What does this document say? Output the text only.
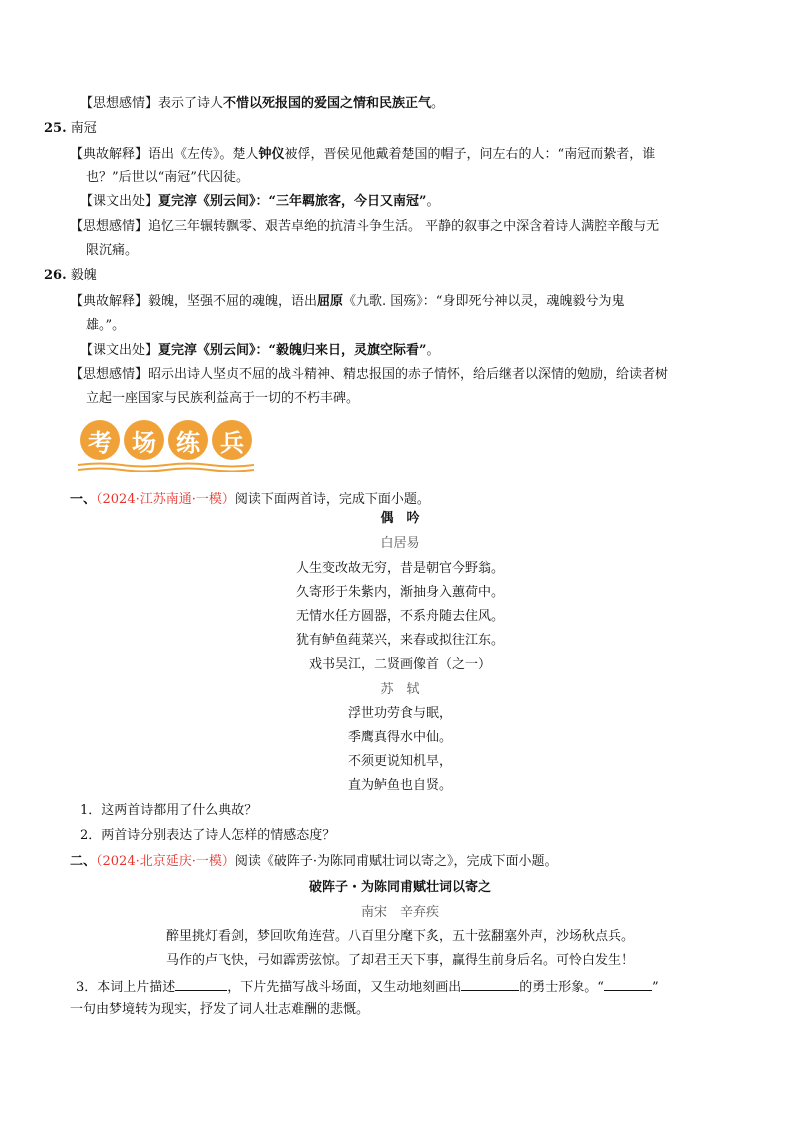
【思想感情】表示了诗人不惜以死报国的爱国之情和民族正气。
25. 南冠
【典故解释】语出《左传》。楚人钟仪被俘，晋侯见他戴着楚国的帽子，问左右的人：“南冠而絷者，谁
也？”后世以“南冠”代囚徒。
【课文出处】夏完淳《别云间》：“三年羁旅客，今日又南冠”。
【思想感情】追忆三年辗转飘零、艰苦卓绝的抗清斗争生活。 平静的叙事之中深含着诗人满腔辛酸与无
限沉痛。
26. 毅魄
【典故解释】毅魄，坚强不屈的魂魄，语出屈原《九歌. 国殇》：“身即死兮神以灵，魂魄毅兮为鬼
雄。”。
【课文出处】夏完淳《别云间》：“毅魄归来日，灵旗空际看”。
【思想感情】昭示出诗人坚贞不屈的战斗精神、精忠报国的赤子情怀，给后继者以深情的勉励，给读者树
立起一座国家与民族利益高于一切的不朽丰碑。
考 场 练 兵
一、（2024·江苏南通·一模）阅读下面两首诗，完成下面小题。
偶　吟
白居易
人生变改故无穷，昔是朝官今野翁。
久寄形于朱紫内，渐抽身入蕙荷中。
无情水任方圆器，不系舟随去住风。
犹有鲈鱼莼菜兴，来春或拟往江东。
戏书吴江，二贤画像首（之一）
苏　轼
浮世功劳食与眠，
季鹰真得水中仙。
不须更说知机早，
直为鲈鱼也自贤。
1．这两首诗都用了什么典故？
2．两首诗分别表达了诗人怎样的情感态度？
二、（2024·北京延庆·一模）阅读《破阵子·为陈同甫赋壮词以寄之》，完成下面小题。
破阵子・为陈同甫赋壮词以寄之
南宋　辛弃疾
醉里挑灯看剑，梦回吹角连营。八百里分麾下炙，五十弦翻塞外声，沙场秋点兵。
马作的卢飞快，弓如霹雳弦惊。了却君王天下事，赢得生前身后名。可怜白发生！
3．本词上片描述	，下片先描写战斗场面，又生动地刻画出	的勇士形象。“	”
一句由梦境转为现实，抒发了词人壮志难酬的悲慨。
